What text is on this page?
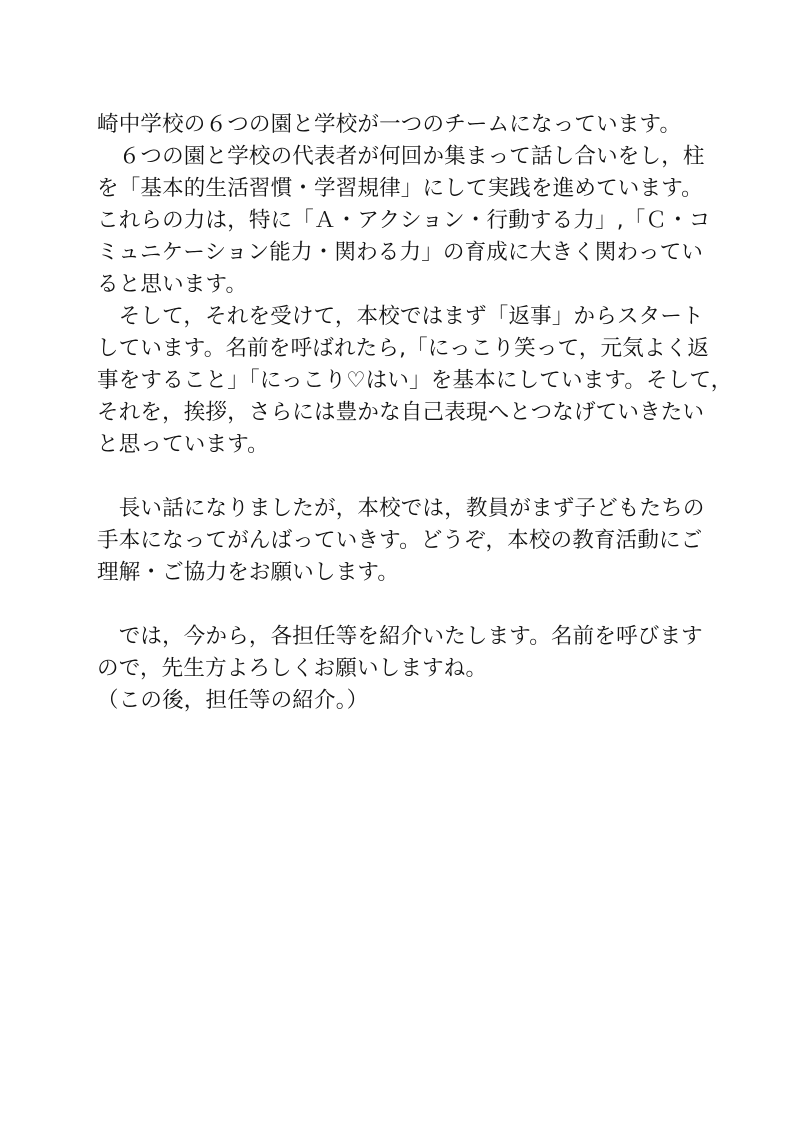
崎中学校の６つの園と学校が一つのチームになっています。
　６つの園と学校の代表者が何回か集まって話し合いをし，柱
を「基本的生活習慣・学習規律」にして実践を進めています。
これらの力は，特に「Ａ・アクション・行動する力」,「Ｃ・コ
ミュニケーション能力・関わる力」の育成に大きく関わってい
ると思います。
　そして，それを受けて，本校ではまず「返事」からスタート
しています。名前を呼ばれたら,「にっこり笑って，元気よく返
事をすること」「にっこり♡はい」を基本にしています。そして，
それを，挨拶，さらには豊かな自己表現へとつなげていきたい
と思っています。
　長い話になりましたが，本校では，教員がまず子どもたちの
手本になってがんばっていきす。どうぞ，本校の教育活動にご
理解・ご協力をお願いします。
　では，今から，各担任等を紹介いたします。名前を呼びます
ので，先生方よろしくお願いしますね。
（この後，担任等の紹介。）
